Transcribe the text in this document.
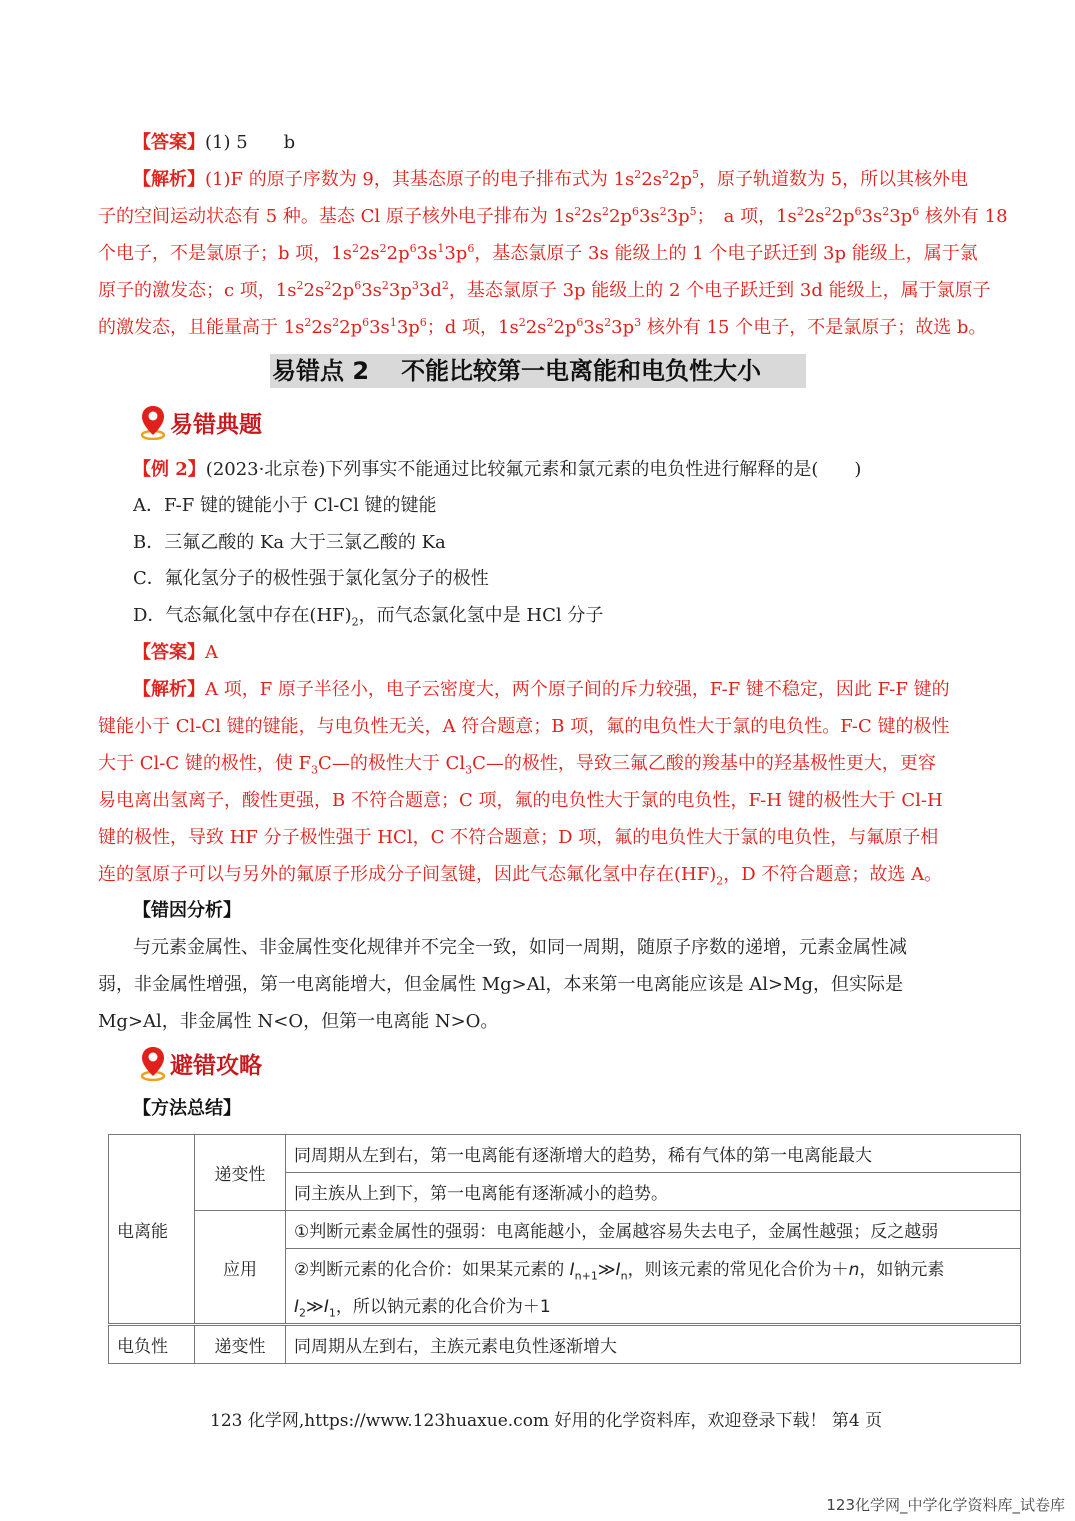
【答案】(1) 5　　b
【解析】(1)F 的原子序数为 9，其基态原子的电子排布式为 $1s^22s^22p^5$，原子轨道数为 5，所以其核外电
子的空间运动状态有 5 种。基态 Cl 原子核外电子排布为 $1s^22s^22p^63s^23p^5$；　a 项，$1s^22s^22p^63s^23p^6$ 核外有 18
个电子，不是氯原子；b 项，$1s^22s^22p^63s^13p^6$，基态氯原子 3s 能级上的 1 个电子跃迁到 3p 能级上，属于氯
原子的激发态；c 项，$1s^22s^22p^63s^23p^33d^2$，基态氯原子 3p 能级上的 2 个电子跃迁到 3d 能级上，属于氯原子
的激发态，且能量高于 $1s^22s^22p^63s^13p^6$；d 项，$1s^22s^22p^63s^23p^3$ 核外有 15 个电子，不是氯原子；故选 b。
易错点 2 不能比较第一电离能和电负性大小
易错典题
【例 2】(2023·北京卷)下列事实不能通过比较氟元素和氯元素的电负性进行解释的是(　　)
A．F-F 键的键能小于 Cl-Cl 键的键能
B．三氟乙酸的 Ka 大于三氯乙酸的 Ka
C．氟化氢分子的极性强于氯化氢分子的极性
D．气态氟化氢中存在$(HF)_2$，而气态氯化氢中是 HCl 分子
【答案】A
【解析】A 项，F 原子半径小，电子云密度大，两个原子间的斥力较强，F-F 键不稳定，因此 F-F 键的
键能小于 Cl-Cl 键的键能，与电负性无关，A 符合题意；B 项，氟的电负性大于氯的电负性。F-C 键的极性
大于 Cl-C 键的极性，使 $F_3C—$的极性大于 $Cl_3C—$的极性，导致三氟乙酸的羧基中的羟基极性更大，更容
易电离出氢离子，酸性更强，B 不符合题意；C 项，氟的电负性大于氯的电负性，F-H 键的极性大于 Cl-H
键的极性，导致 HF 分子极性强于 HCl，C 不符合题意；D 项，氟的电负性大于氯的电负性，与氟原子相
连的氢原子可以与另外的氟原子形成分子间氢键，因此气态氟化氢中存在$(HF)_2$，D 不符合题意；故选 A。
【错因分析】
与元素金属性、非金属性变化规律并不完全一致，如同一周期，随原子序数的递增，元素金属性减
弱，非金属性增强，第一电离能增大，但金属性 Mg>Al，本来第一电离能应该是 Al>Mg，但实际是
Mg>Al，非金属性 N<O，但第一电离能 N>O。
避错攻略
【方法总结】
电离能	递变性	同周期从左到右，第一电离能有逐渐增大的趋势，稀有气体的第一电离能最大
		同主族从上到下，第一电离能有逐渐减小的趋势。
	应用	①判断元素金属性的强弱：电离能越小，金属越容易失去电子，金属性越强；反之越弱
		②判断元素的化合价：如果某元素的 $I_{n+1}≫I_n$，则该元素的常见化合价为＋n，如钠元素
		$I_2≫I_1$，所以钠元素的化合价为＋1
电负性	递变性	同周期从左到右，主族元素电负性逐渐增大
123 化学网,https://www.123huaxue.com 好用的化学资料库，欢迎登录下载！ 第4 页
123化学网_中学化学资料库_试卷库
